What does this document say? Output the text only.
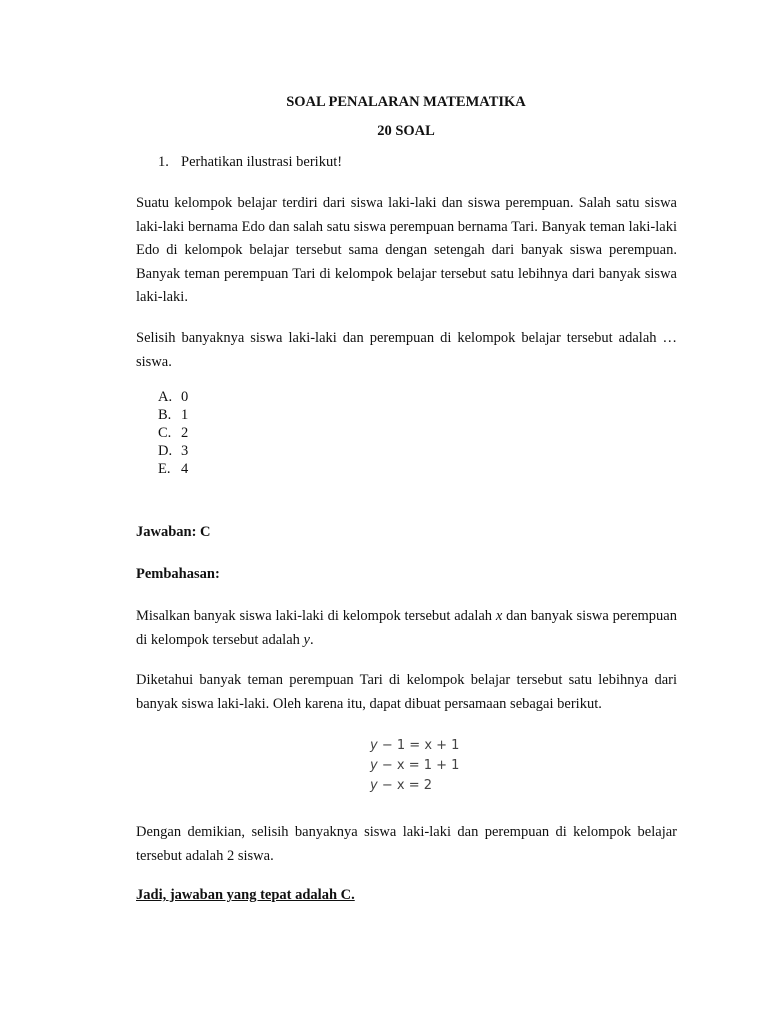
SOAL PENALARAN MATEMATIKA
20 SOAL
1. Perhatikan ilustrasi berikut!
Suatu kelompok belajar terdiri dari siswa laki-laki dan siswa perempuan. Salah satu siswa laki-laki bernama Edo dan salah satu siswa perempuan bernama Tari. Banyak teman laki-laki Edo di kelompok belajar tersebut sama dengan setengah dari banyak siswa perempuan. Banyak teman perempuan Tari di kelompok belajar tersebut satu lebihnya dari banyak siswa laki-laki.
Selisih banyaknya siswa laki-laki dan perempuan di kelompok belajar tersebut adalah … siswa.
A. 0
B. 1
C. 2
D. 3
E. 4
Jawaban: C
Pembahasan:
Misalkan banyak siswa laki-laki di kelompok tersebut adalah x dan banyak siswa perempuan di kelompok tersebut adalah y.
Diketahui banyak teman perempuan Tari di kelompok belajar tersebut satu lebihnya dari banyak siswa laki-laki. Oleh karena itu, dapat dibuat persamaan sebagai berikut.
y − 1 = x + 1
y − x = 1 + 1
y − x = 2
Dengan demikian, selisih banyaknya siswa laki-laki dan perempuan di kelompok belajar tersebut adalah 2 siswa.
Jadi, jawaban yang tepat adalah C.
